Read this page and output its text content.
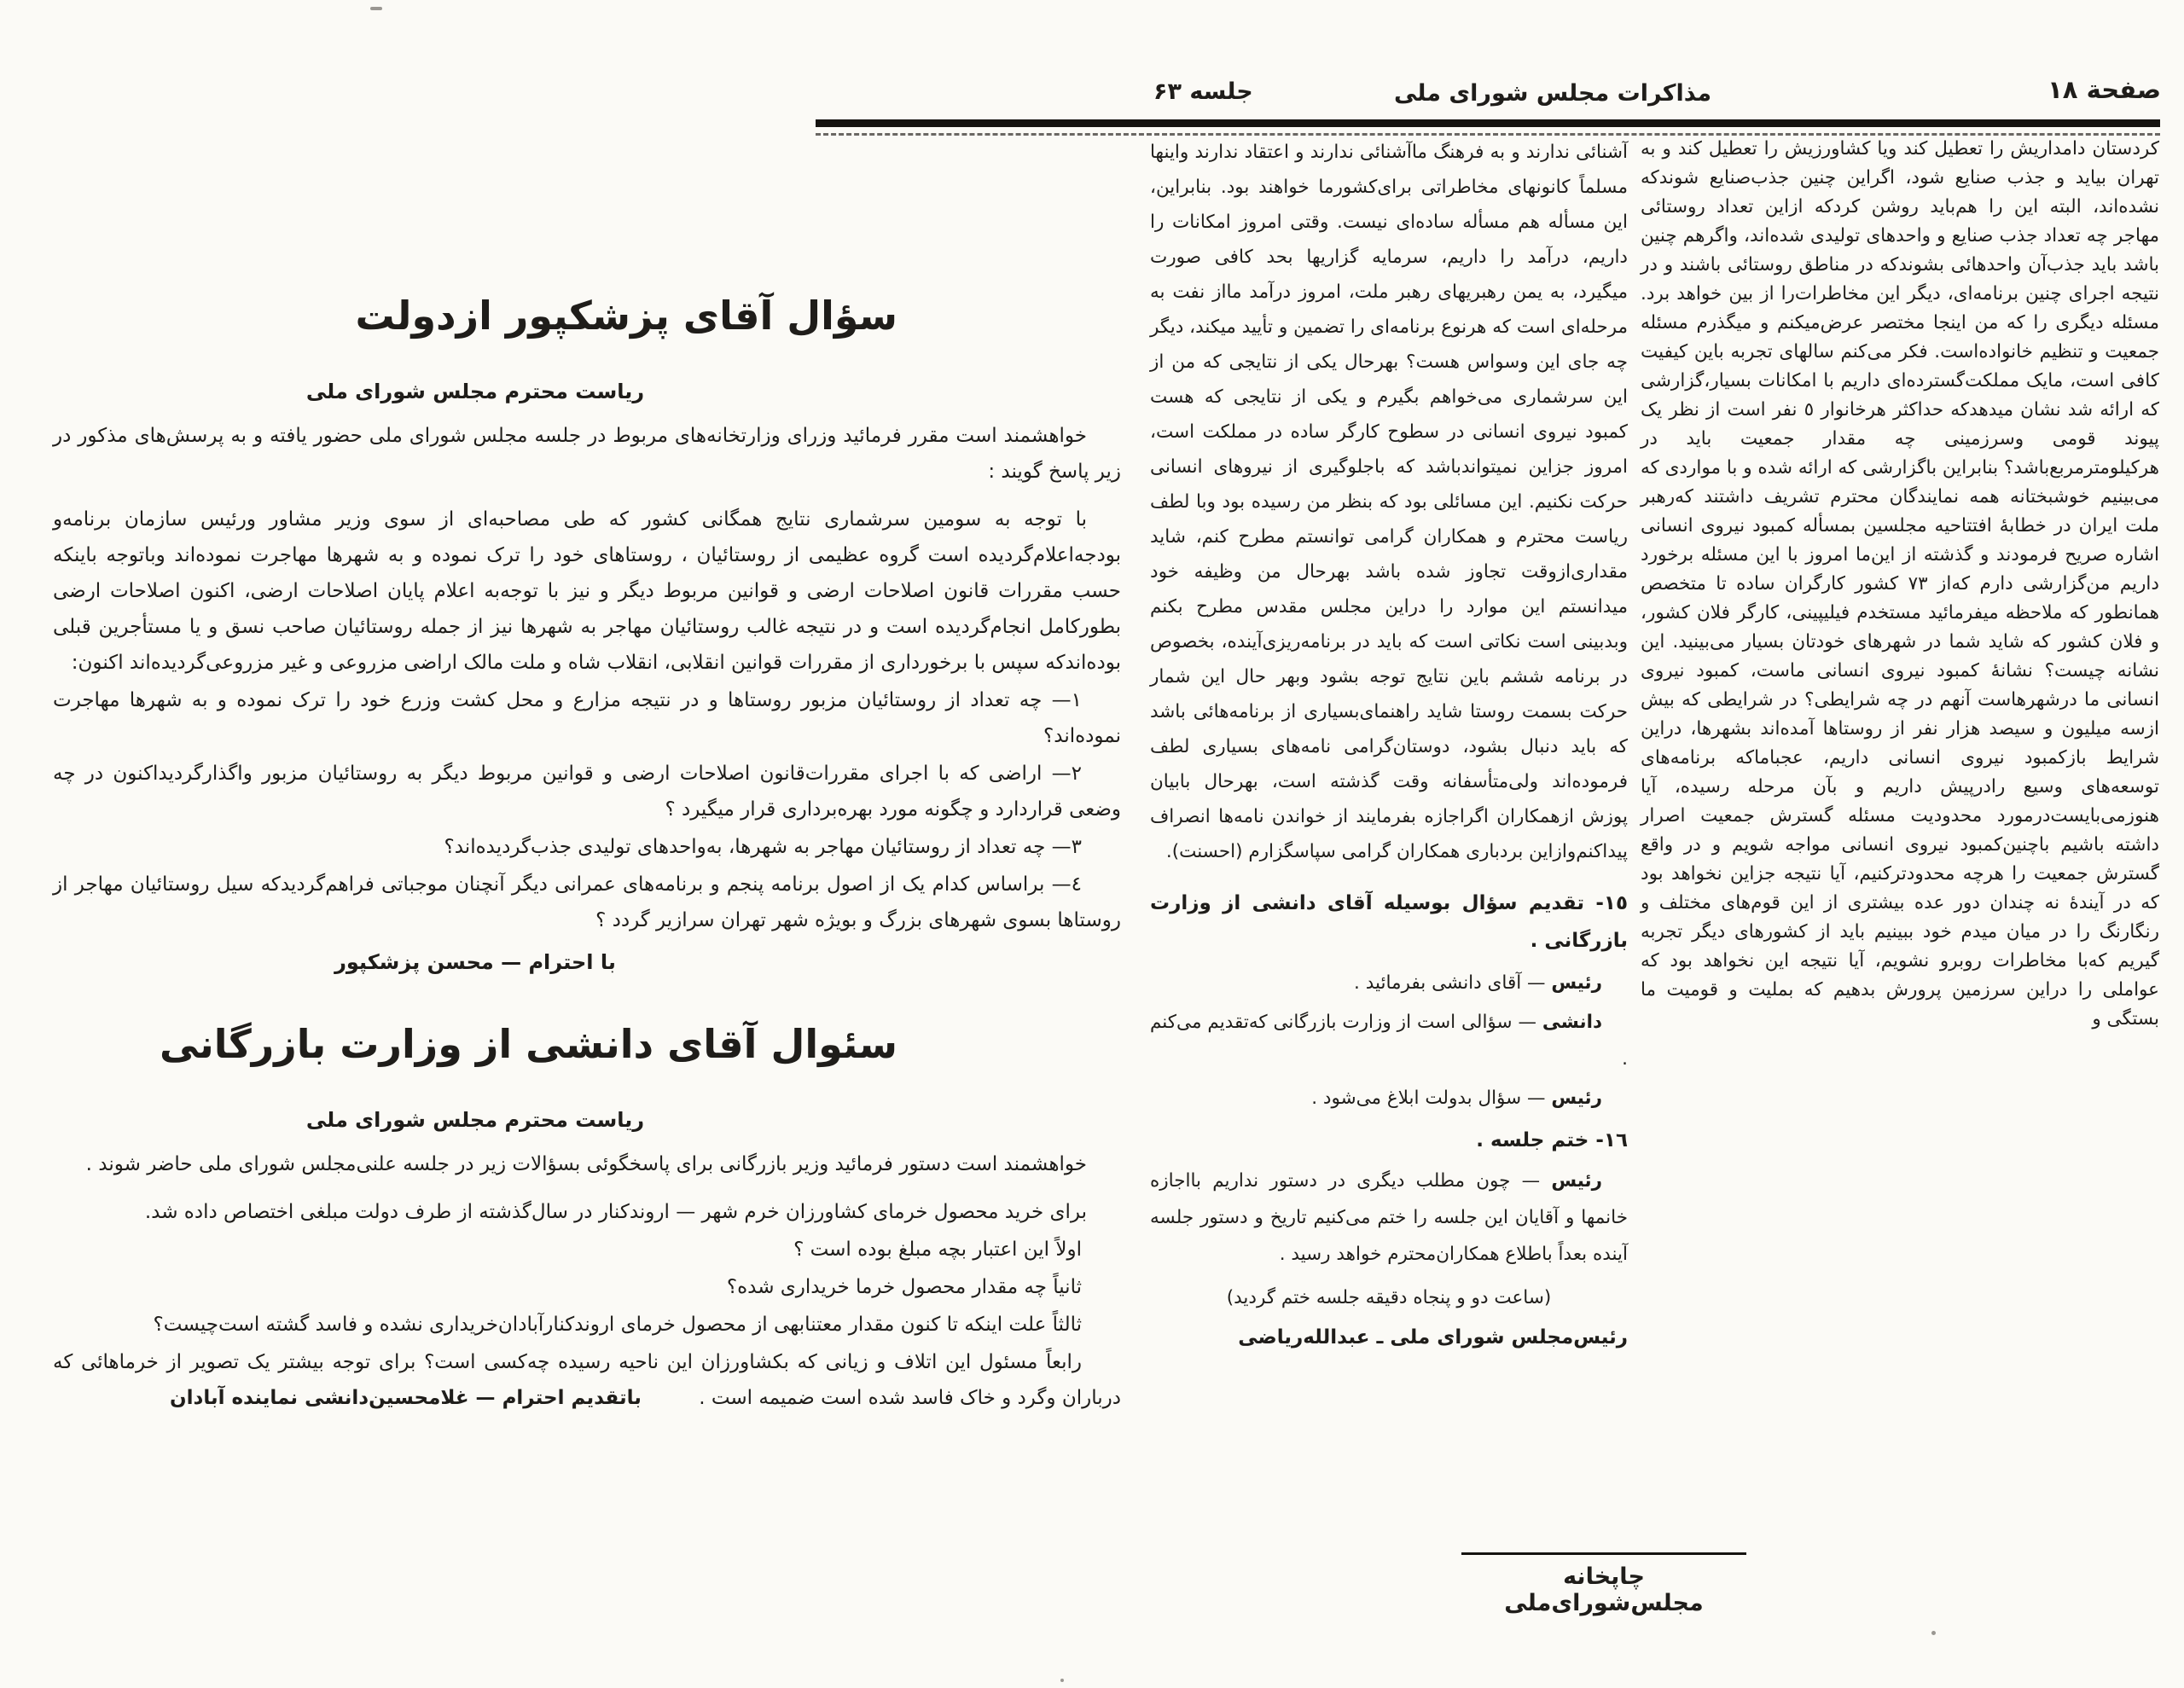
جلسه ۶۳	مذاکرات مجلس شورای ملی	صفحة ۱۸

کردستان دامداریش را تعطیل کند ویا کشاورزیش را تعطیل کند و به تهران بیاید و جذب صنایع شود، اگراین چنین جذب‌صنایع شوندکه نشده‌اند، البته این را هم‌باید روشن کردکه ازاین تعداد روستائی مهاجر چه تعداد جذب صنایع و واحدهای تولیدی شده‌اند، واگرهم چنین باشد باید جذب‌آن واحدهائی بشوندکه در مناطق روستائی باشند و در نتیجه اجرای چنین برنامه‌ای، دیگر این مخاطرات‌را از بین خواهد برد. مسئله دیگری را که من اینجا مختصر عرض‌میکنم و میگذرم مسئله جمعیت و تنظیم خانواده‌است. فکر می‌کنم سالهای تجربه باین کیفیت کافی است، مایک مملکت‌گسترده‌ای داریم با امکانات بسیار،گزارشی که ارائه شد نشان میدهدکه حداکثر هرخانوار ٥ نفر است از نظر یک پیوند قومی وسرزمینی چه مقدار جمعیت باید در هرکیلومترمربع‌باشد؟ بنابراین باگزارشی که ارائه شده و با مواردی که می‌بینیم خوشبختانه همه نمایندگان محترم تشریف داشتند که‌رهبر ملت ایران در خطابهٔ افتتاحیه مجلسین بمسأله کمبود نیروی انسانی اشاره صریح فرمودند و گذشته از این‌ما امروز با این مسئله برخورد داریم من‌گزارشی دارم که‌از ۷۳ کشور کارگران ساده تا متخصص همانطور که ملاحظه میفرمائید مستخدم فیلیپینی، کارگر فلان کشور، و فلان کشور که شاید شما در شهرهای خودتان بسیار می‌بینید. این نشانه چیست؟ نشانهٔ کمبود نیروی انسانی ماست، کمبود نیروی انسانی ما درشهرهاست آنهم در چه شرایطی؟ در شرایطی که بیش ازسه میلیون و سیصد هزار نفر از روستاها آمده‌اند بشهرها، دراین شرایط بازکمبود نیروی انسانی داریم، عجباماکه برنامه‌های توسعه‌های وسیع رادرپیش داریم و بآن مرحله رسیده، آیا هنوزمی‌بایست‌درمورد محدودیت مسئله گسترش جمعیت اصرار داشته باشیم باچنین‌کمبود نیروی انسانی مواجه شویم و در واقع گسترش جمعیت را هرچه محدودترکنیم، آیا نتیجه جزاین نخواهد بود که در آیندهٔ نه چندان دور عده بیشتری از این قوم‌های مختلف و رنگارنگ را در میان میدم خود ببینیم باید از کشورهای دیگر تجربه گیریم که‌با مخاطرات روبرو نشویم، آیا نتیجه این نخواهد بود که عواملی را دراین سرزمین پرورش بدهیم که بملیت و قومیت ما بستگی و

آشنائی ندارند و به فرهنگ ماآشنائی ندارند و اعتقاد ندارند واینها مسلماً کانونهای مخاطراتی برای‌کشورما خواهند بود. بنابراین، این مسأله هم مسأله ساده‌ای نیست. وقتی امروز امکانات را داریم، درآمد را داریم، سرمایه گزاریها بحد کافی صورت میگیرد، به یمن رهبریهای رهبر ملت، امروز درآمد مااز نفت به مرحله‌ای است که هرنوع برنامه‌ای را تضمین و تأیید میکند، دیگر چه جای این وسواس هست؟ بهرحال یکی از نتایجی که من از این سرشماری می‌خواهم بگیرم و یکی از نتایجی که هست کمبود نیروی انسانی در سطوح کارگر ساده در مملکت است، امروز جزاین نمیتواندباشد که باجلوگیری از نیروهای انسانی حرکت نکنیم. این مسائلی بود که بنظر من رسیده بود وبا لطف ریاست محترم و همکاران گرامی توانستم مطرح کنم، شاید مقداری‌ازوقت تجاوز شده باشد بهرحال من وظیفه خود میدانستم این موارد را دراین مجلس مقدس مطرح بکنم وبدبینی است نکاتی است که باید در برنامه‌ریزی‌آینده، بخصوص در برنامه ششم باین نتایج توجه بشود وبهر حال این شمار حرکت بسمت روستا شاید راهنمای‌بسیاری از برنامه‌هائی باشد که باید دنبال بشود، دوستان‌گرامی نامه‌های بسیاری لطف فرموده‌اند ولی‌متأسفانه وقت گذشته است، بهرحال بابیان پوزش ازهمکاران اگراجازه بفرمایند از خواندن نامه‌ها انصراف پیداکنم‌وازاین بردباری همکاران گرامی سپاسگزارم (احسنت).

١٥- تقدیم سؤال بوسیله آقای دانشی از وزارت بازرگانی .

رئیس — آقای دانشی بفرمائید .

دانشی — سؤالی است از وزارت بازرگانی که‌تقدیم می‌کنم .

رئیس — سؤال بدولت ابلاغ می‌شود .

١٦- ختم جلسه .

رئیس — چون مطلب دیگری در دستور نداریم بااجازه خانمها و آقایان این جلسه را ختم می‌کنیم تاریخ و دستور جلسه آینده بعداً باطلاع همکاران‌محترم خواهد رسید .

(ساعت دو و پنجاه دقیقه جلسه ختم گردید)

رئیس‌مجلس شورای ملی ـ عبدالله‌ریاضی

سؤال آقای پزشکپور ازدولت

ریاست محترم مجلس شورای ملی

خواهشمند است مقرر فرمائید وزرای وزارتخانه‌های مربوط در جلسه مجلس شورای ملی حضور یافته و به پرسش‌های مذکور در زیر پاسخ گویند :

با توجه به سومین سرشماری نتایج همگانی کشور که طی مصاحبه‌ای از سوی وزیر مشاور ورئیس سازمان برنامه‌و بودجه‌اعلام‌گردیده است گروه عظیمی از روستائیان ، روستاهای خود را ترک نموده و به شهرها مهاجرت نموده‌اند وباتوجه باینکه حسب مقررات قانون اصلاحات ارضی و قوانین مربوط دیگر و نیز با توجه‌به اعلام پایان اصلاحات ارضی، اکنون اصلاحات ارضی بطورکامل انجام‌گردیده است و در نتیجه غالب روستائیان مهاجر به شهرها نیز از جمله روستائیان صاحب نسق و یا مستأجرین قبلی بوده‌اندکه سپس با برخورداری از مقررات قوانین انقلابی، انقلاب شاه و ملت مالک اراضی مزروعی و غیر مزروعی‌گردیده‌اند اکنون:

۱— چه تعداد از روستائیان مزبور روستاها و در نتیجه مزارع و محل کشت وزرع خود را ترک نموده و به شهرها مهاجرت نموده‌اند؟

۲— اراضی که با اجرای مقررات‌قانون اصلاحات ارضی و قوانین مربوط دیگر به روستائیان مزبور واگذارگردیداکنون در چه وضعی قراردارد و چگونه مورد بهره‌برداری قرار میگیرد ؟

۳— چه تعداد از روستائیان مهاجر به شهرها، به‌واحدهای تولیدی جذب‌گردیده‌اند؟

٤— براساس کدام یک از اصول برنامه پنجم و برنامه‌های عمرانی دیگر آنچنان موجباتی فراهم‌گردیدکه سیل روستائیان مهاجر از روستاها بسوی شهرهای بزرگ و بویژه شهر تهران سرازیر گردد ؟

با احترام — محسن پزشکپور

سئوال آقای دانشی از وزارت بازرگانی

ریاست محترم مجلس شورای ملی

خواهشمند است دستور فرمائید وزیر بازرگانی برای پاسخگوئی بسؤالات زیر در جلسه علنی‌مجلس شورای ملی حاضر شوند .

برای خرید محصول خرمای کشاورزان خرم شهر — اروندکنار در سال‌گذشته از طرف دولت مبلغی اختصاص داده شد.

اولاً این اعتبار بچه مبلغ بوده است ؟

ثانیاً چه مقدار محصول خرما خریداری شده؟

ثالثاً علت اینکه تا کنون مقدار معتنابهی از محصول خرمای اروندکنارآبادان‌خریداری نشده و فاسد گشته است‌چیست؟

رابعاً مسئول این اتلاف و زیانی که بکشاورزان این ناحیه رسیده چه‌کسی است؟ برای توجه بیشتر یک تصویر از خرماهائی که درباران وگرد و خاک فاسد شده است ضمیمه است . باتقدیم احترام — غلامحسین‌دانشی نماینده آبادان

چاپخانه مجلس‌شورای‌ملی
